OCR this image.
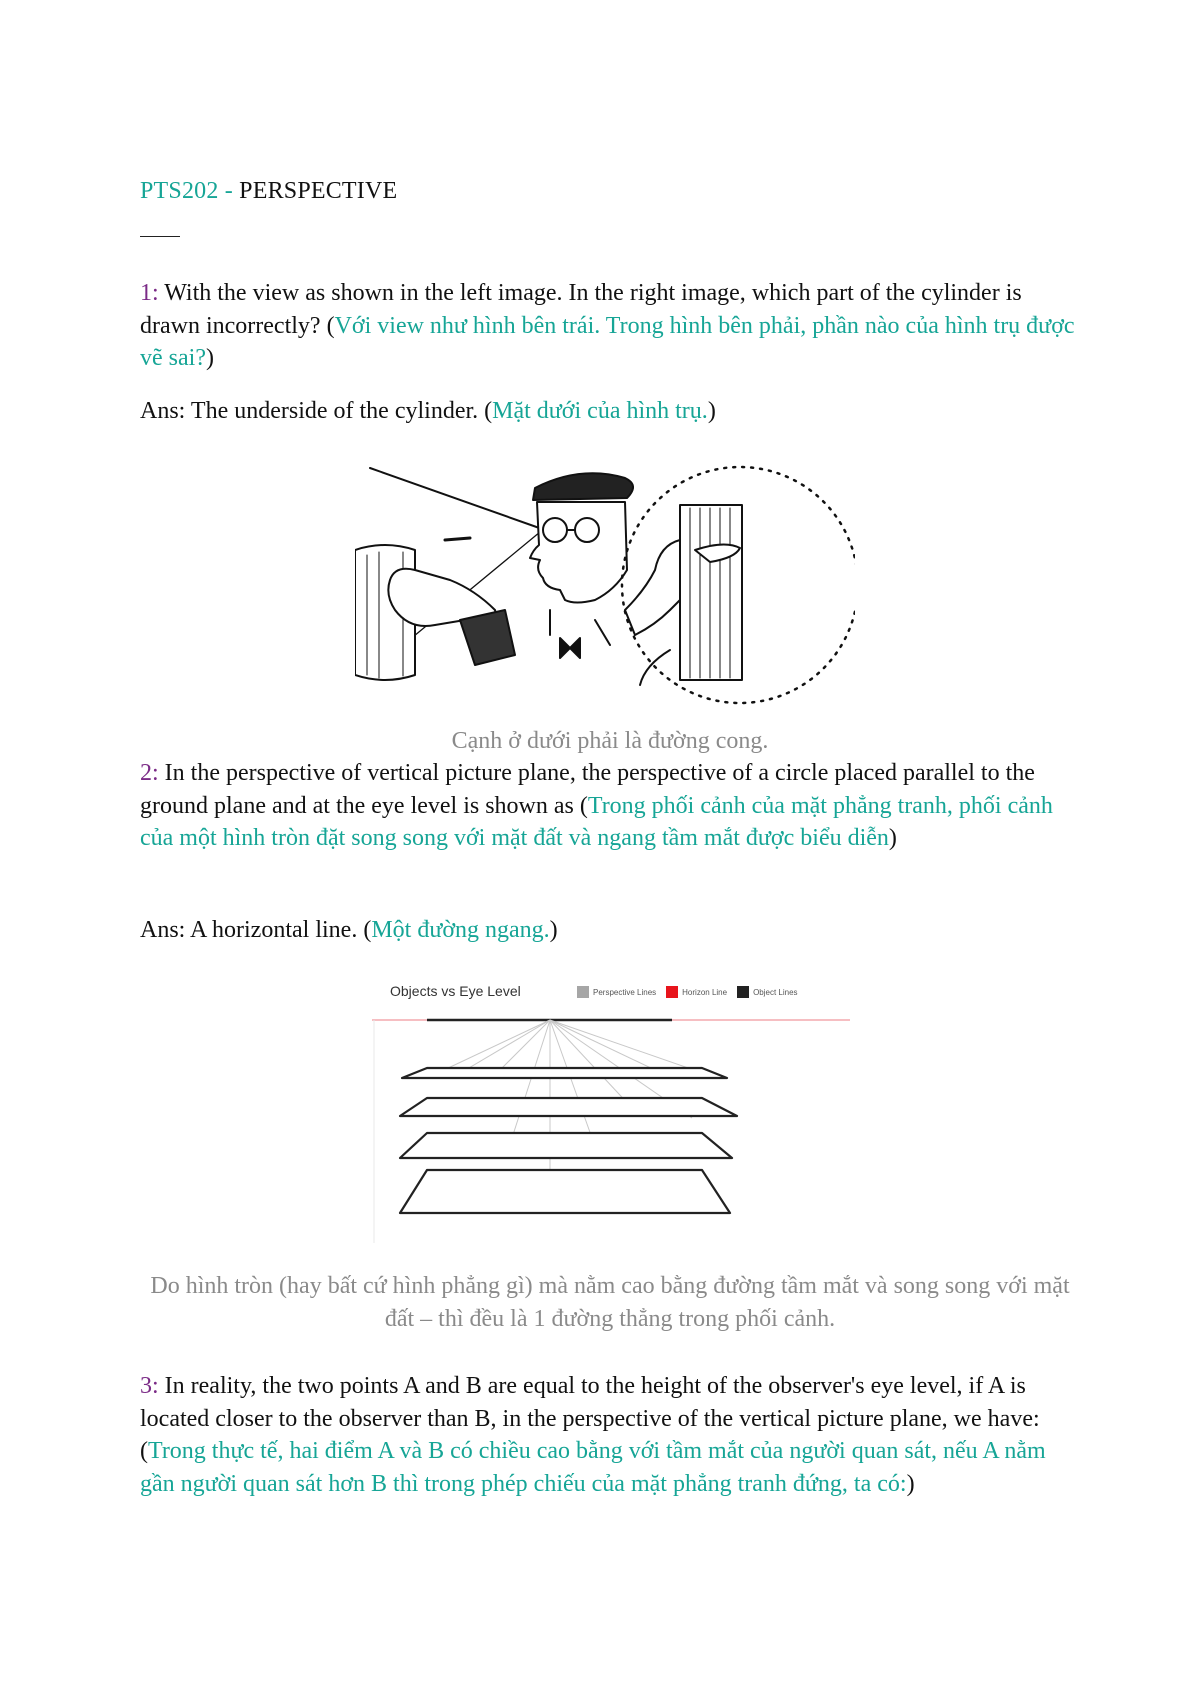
PTS202 - PERSPECTIVE
1: With the view as shown in the left image. In the right image, which part of the cylinder is drawn incorrectly? (Với view như hình bên trái. Trong hình bên phải, phần nào của hình trụ được vẽ sai?)
Ans: The underside of the cylinder. (Mặt dưới của hình trụ.)
Cạnh ở dưới phải là đường cong.
2: In the perspective of vertical picture plane, the perspective of a circle placed parallel to the ground plane and at the eye level is shown as (Trong phối cảnh của mặt phẳng tranh, phối cảnh của một hình tròn đặt song song với mặt đất và ngang tầm mắt được biểu diễn)
Ans: A horizontal line. (Một đường ngang.)
Objects vs Eye Level	Perspective Lines	Horizon Line	Object Lines
Do hình tròn (hay bất cứ hình phẳng gì) mà nằm cao bằng đường tầm mắt và song song với mặt đất – thì đều là 1 đường thẳng trong phối cảnh.
3: In reality, the two points A and B are equal to the height of the observer's eye level, if A is located closer to the observer than B, in the perspective of the vertical picture plane, we have: (Trong thực tế, hai điểm A và B có chiều cao bằng với tầm mắt của người quan sát, nếu A nằm gần người quan sát hơn B thì trong phép chiếu của mặt phẳng tranh đứng, ta có:)
